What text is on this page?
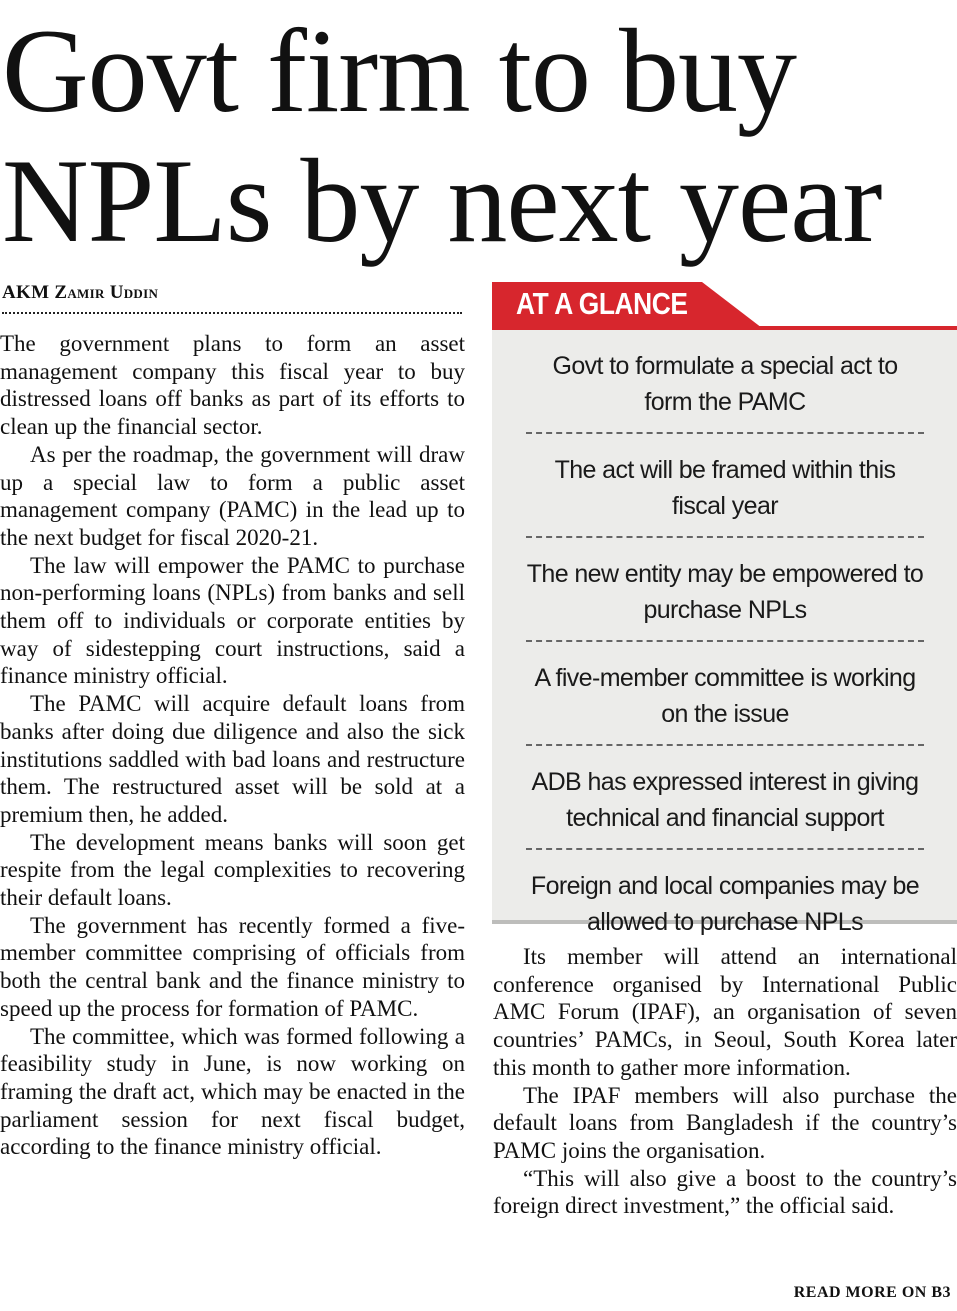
Govt firm to buy
NPLs by next year
AKM Zamir Uddin

The government plans to form an asset management company this fiscal year to buy distressed loans off banks as part of its efforts to clean up the financial sector.

As per the roadmap, the government will draw up a special law to form a public asset management company (PAMC) in the lead up to the next budget for fiscal 2020-21.

The law will empower the PAMC to purchase non-performing loans (NPLs) from banks and sell them off to individuals or corporate entities by way of sidestepping court instructions, said a finance ministry official.

The PAMC will acquire default loans from banks after doing due diligence and also the sick institutions saddled with bad loans and restructure them. The restructured asset will be sold at a premium then, he added.

The development means banks will soon get respite from the legal complexities to recovering their default loans.

The government has recently formed a five-member committee comprising of officials from both the central bank and the finance ministry to speed up the process for formation of PAMC.

The committee, which was formed following a feasibility study in June, is now working on framing the draft act, which may be enacted in the parliament session for next fiscal budget, according to the finance ministry official.

AT A GLANCE
Govt to formulate a special act to form the PAMC
The act will be framed within this fiscal year
The new entity may be empowered to purchase NPLs
A five-member committee is working on the issue
ADB has expressed interest in giving technical and financial support
Foreign and local companies may be allowed to purchase NPLs

Its member will attend an international conference organised by International Public AMC Forum (IPAF), an organisation of seven countries’ PAMCs, in Seoul, South Korea later this month to gather more information.

The IPAF members will also purchase the default loans from Bangladesh if the country’s PAMC joins the organisation.

“This will also give a boost to the country’s foreign direct investment,” the official said.

READ MORE ON B3
